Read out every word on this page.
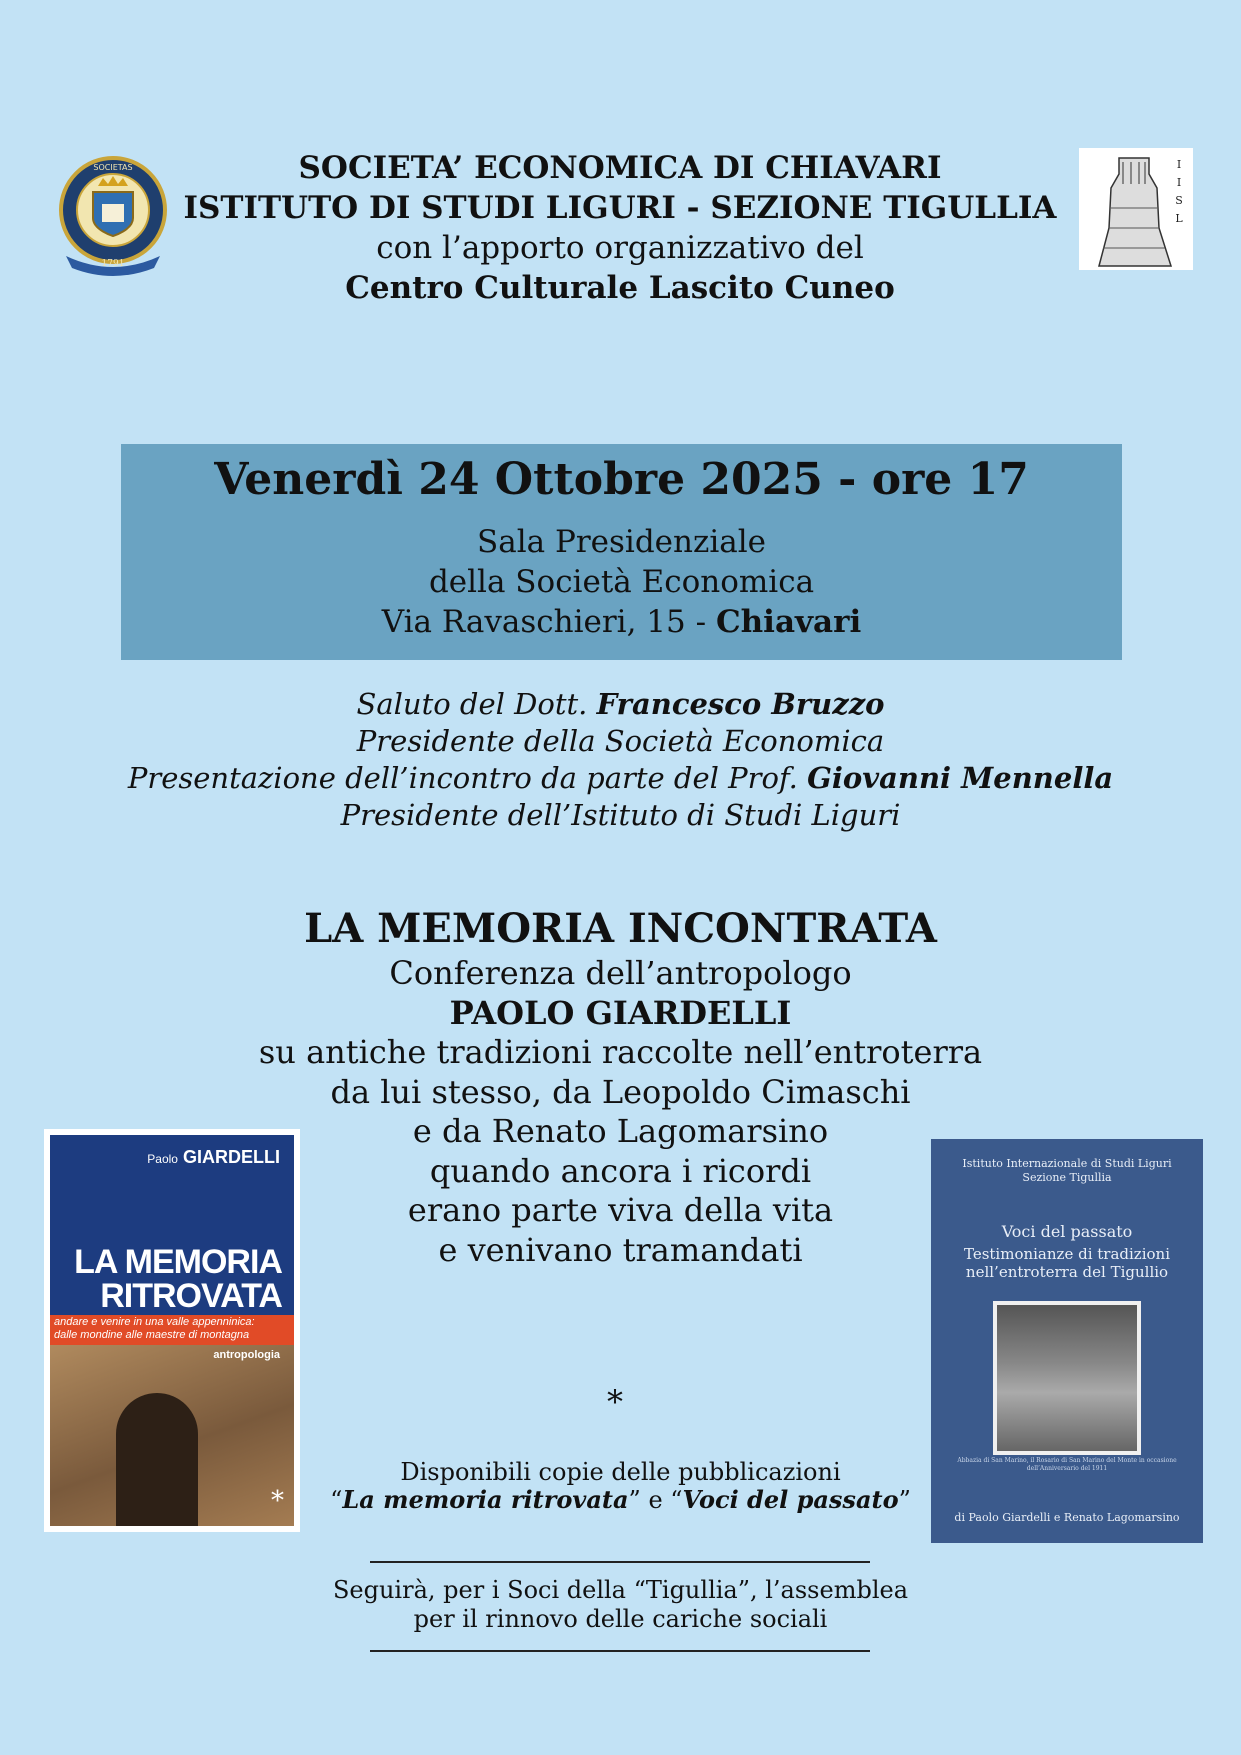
1791
SOCIETAS	I
I
S
L
SOCIETA’ ECONOMICA DI CHIAVARI
ISTITUTO DI STUDI LIGURI - SEZIONE TIGULLIA
con l’apporto organizzativo del
Centro Culturale Lascito Cuneo
Venerdì 24 Ottobre 2025 - ore 17
Sala Presidenziale
della Società Economica
Via Ravaschieri, 15 - Chiavari
Saluto del Dott. Francesco Bruzzo
Presidente della Società Economica
Presentazione dell’incontro da parte del Prof. Giovanni Mennella
Presidente dell’Istituto di Studi Liguri
LA MEMORIA INCONTRATA
Conferenza dell’antropologo
PAOLO GIARDELLI
su antiche tradizioni raccolte nell’entroterra
da lui stesso, da Leopoldo Cimaschi
e da Renato Lagomarsino
quando ancora i ricordi
erano parte viva della vita
e venivano tramandati
*
Disponibili copie delle pubblicazioni
“La memoria ritrovata” e “Voci del passato”
Seguirà, per i Soci della “Tigullia”, l’assemblea
per il rinnovo delle cariche sociali
Paolo GIARDELLI
LA MEMORIA
RITROVATA
andare e venire in una valle appenninica:
dalle mondine alle maestre di montagna
antropologia
*
Istituto Internazionale di Studi Liguri
Sezione Tigullia
Voci del passato
Testimonianze di tradizioni
nell’entroterra del Tigullio
Abbazia di San Marino, il Rosario di San Marino del Monte in occasione dell’Anniversario del 1911
di Paolo Giardelli e Renato Lagomarsino
